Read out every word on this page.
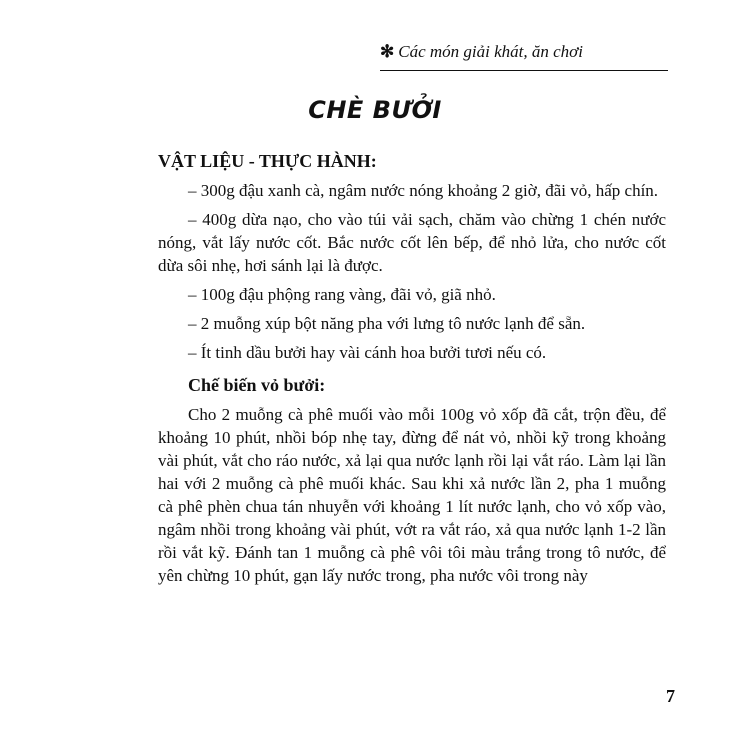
✻ Các món giải khát, ăn chơi
CHÈ BƯỞI
VẬT LIỆU - THỰC HÀNH:

– 300g đậu xanh cà, ngâm nước nóng khoảng 2 giờ, đãi vỏ, hấp chín.

– 400g dừa nạo, cho vào túi vải sạch, chăm vào chừng 1 chén nước nóng, vắt lấy nước cốt. Bắc nước cốt lên bếp, để nhỏ lửa, cho nước cốt dừa sôi nhẹ, hơi sánh lại là được.

– 100g đậu phộng rang vàng, đãi vỏ, giã nhỏ.

– 2 muỗng xúp bột năng pha với lưng tô nước lạnh để sẵn.

– Ít tinh dầu bưởi hay vài cánh hoa bưởi tươi nếu có.

Chế biến vỏ bưởi:

Cho 2 muỗng cà phê muối vào mỗi 100g vỏ xốp đã cắt, trộn đều, để khoảng 10 phút, nhồi bóp nhẹ tay, đừng để nát vỏ, nhồi kỹ trong khoảng vài phút, vắt cho ráo nước, xả lại qua nước lạnh rồi lại vắt ráo. Làm lại lần hai với 2 muỗng cà phê muối khác. Sau khi xả nước lần 2, pha 1 muỗng cà phê phèn chua tán nhuyễn với khoảng 1 lít nước lạnh, cho vỏ xốp vào, ngâm nhồi trong khoảng vài phút, vớt ra vắt ráo, xả qua nước lạnh 1-2 lần rồi vắt kỹ. Đánh tan 1 muỗng cà phê vôi tôi màu trắng trong tô nước, để yên chừng 10 phút, gạn lấy nước trong, pha nước vôi trong này

7
